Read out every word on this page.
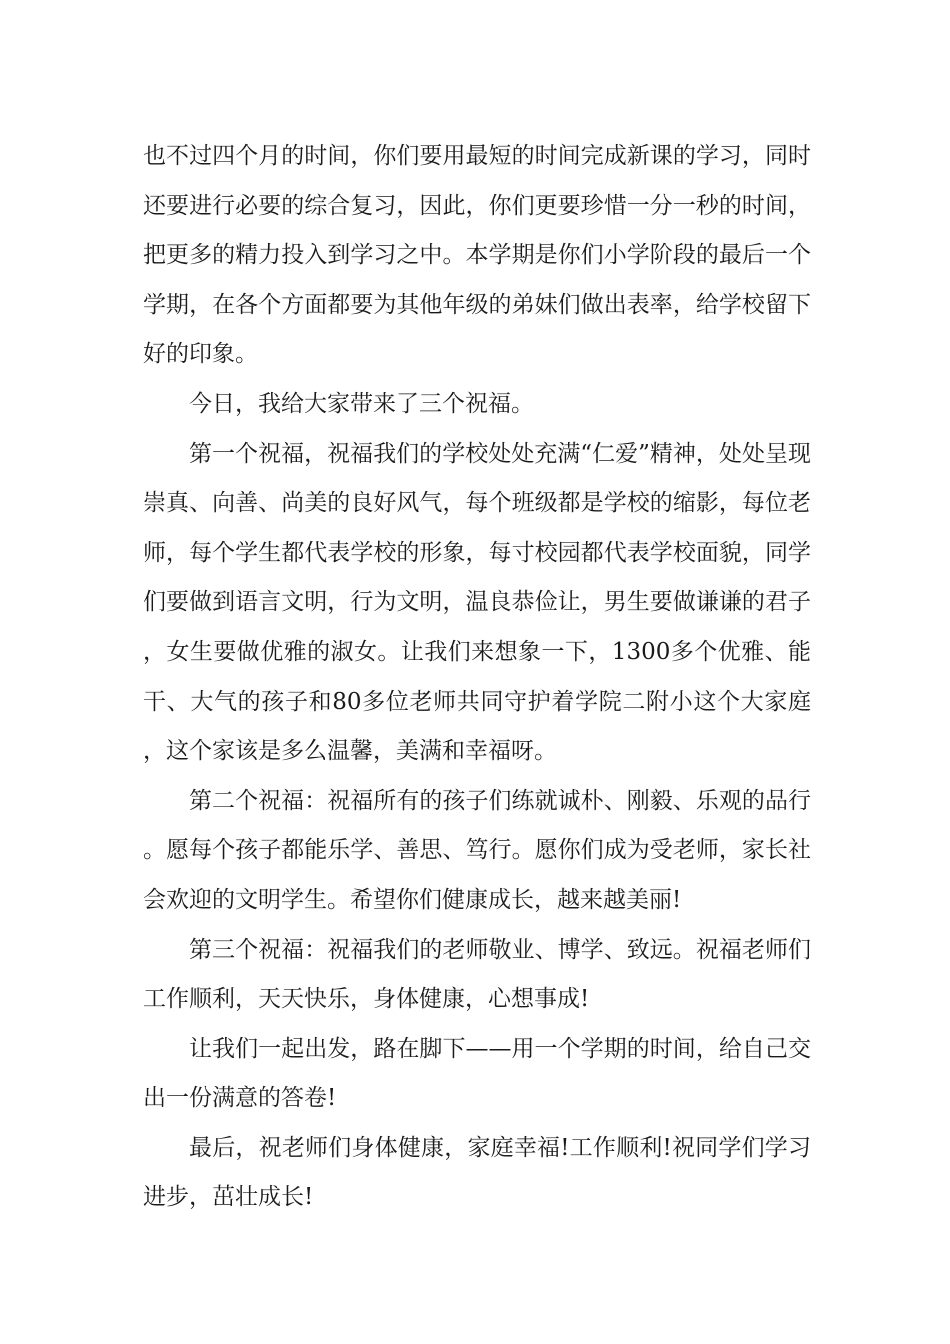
也不过四个月的时间，你们要用最短的时间完成新课的学习，同时还要进行必要的综合复习，因此，你们更要珍惜一分一秒的时间，把更多的精力投入到学习之中。本学期是你们小学阶段的最后一个学期，在各个方面都要为其他年级的弟妹们做出表率，给学校留下好的印象。

今日，我给大家带来了三个祝福。

第一个祝福，祝福我们的学校处处充满“仁爱”精神，处处呈现崇真、向善、尚美的良好风气，每个班级都是学校的缩影，每位老师，每个学生都代表学校的形象，每寸校园都代表学校面貌，同学们要做到语言文明，行为文明，温良恭俭让，男生要做谦谦的君子，女生要做优雅的淑女。让我们来想象一下，1300多个优雅、能干、大气的孩子和80多位老师共同守护着学院二附小这个大家庭，这个家该是多么温馨，美满和幸福呀。

第二个祝福：祝福所有的孩子们练就诚朴、刚毅、乐观的品行。愿每个孩子都能乐学、善思、笃行。愿你们成为受老师，家长社会欢迎的文明学生。希望你们健康成长，越来越美丽!

第三个祝福：祝福我们的老师敬业、博学、致远。祝福老师们工作顺利，天天快乐，身体健康，心想事成!

让我们一起出发，路在脚下——用一个学期的时间，给自己交出一份满意的答卷!

最后，祝老师们身体健康，家庭幸福!工作顺利!祝同学们学习进步，茁壮成长!
